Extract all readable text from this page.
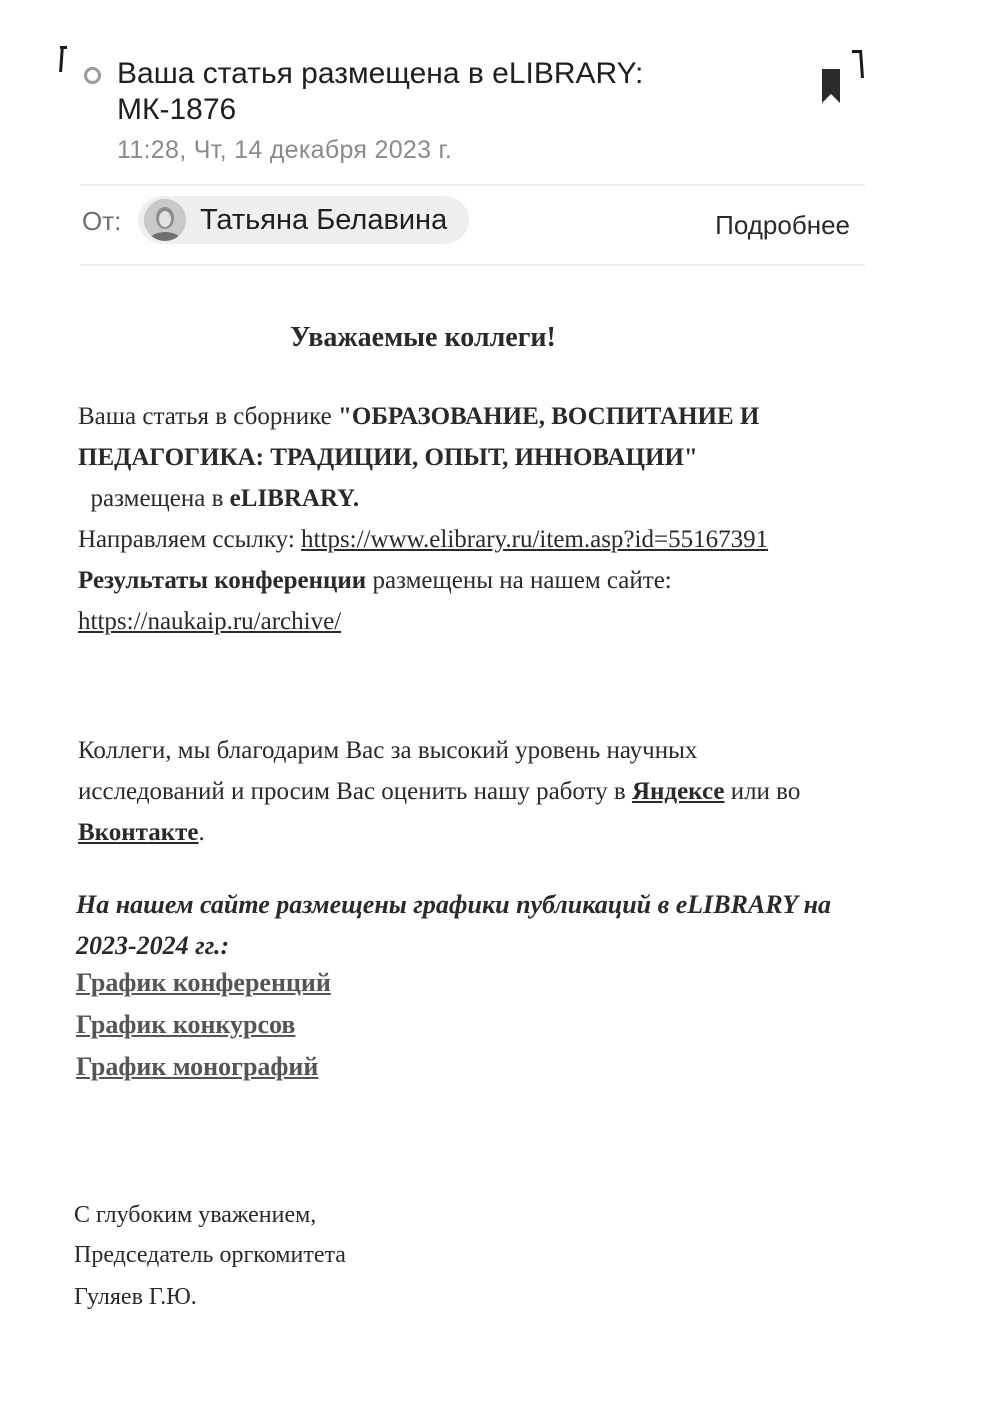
Ваша статья размещена в eLIBRARY: МК-1876
11:28, Чт, 14 декабря 2023 г.
От:	Татьяна Белавина	Подробнее
Уважаемые коллеги!
Ваша статья в сборнике "ОБРАЗОВАНИЕ, ВОСПИТАНИЕ И ПЕДАГОГИКА: ТРАДИЦИИ, ОПЫТ, ИННОВАЦИИ"  размещена в eLIBRARY.
Направляем ссылку: https://www.elibrary.ru/item.asp?id=55167391
Результаты конференции размещены на нашем сайте:
https://naukaip.ru/archive/
Коллеги, мы благодарим Вас за высокий уровень научных исследований и просим Вас оценить нашу работу в Яндексе или во Вконтакте.
На нашем сайте размещены графики публикаций в eLIBRARY на 2023-2024 гг.:
График конференций
График конкурсов
График монографий
С глубоким уважением,
Председатель оргкомитета
Гуляев Г.Ю.
